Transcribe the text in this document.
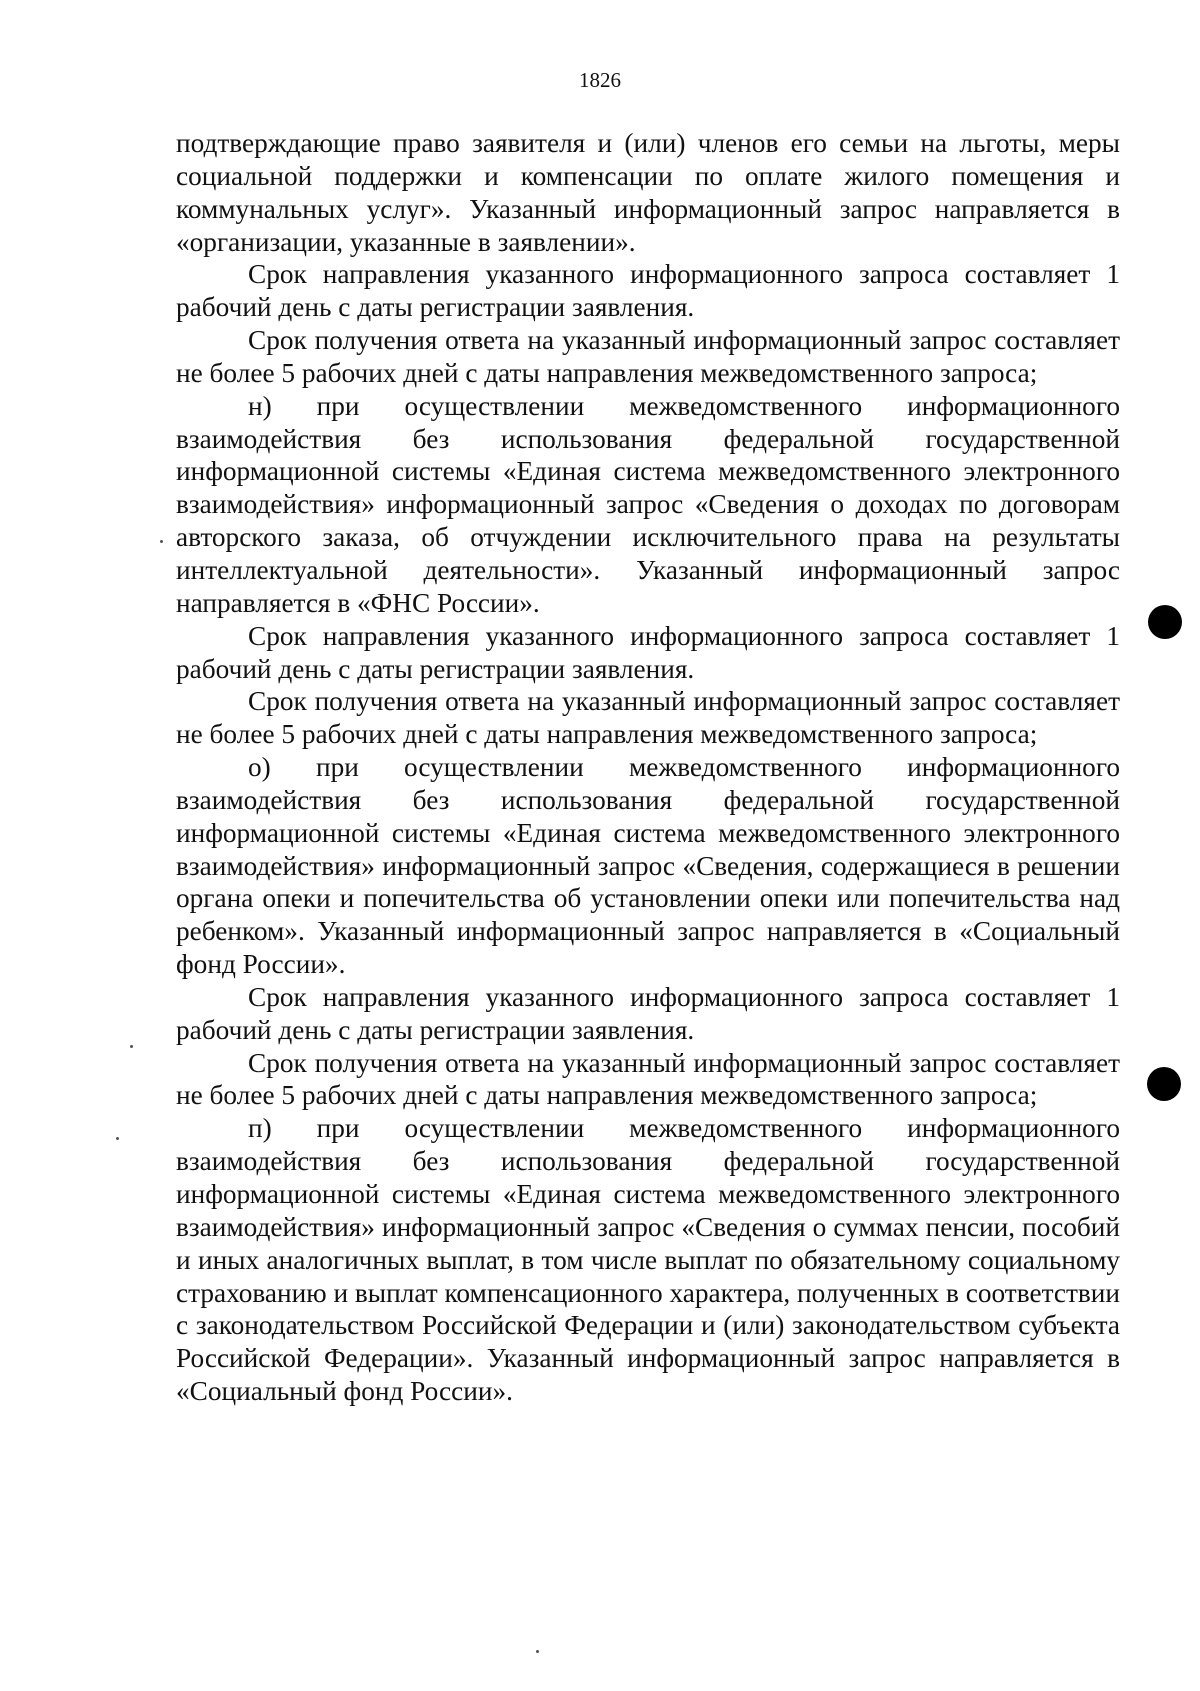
1826

подтверждающие право заявителя и (или) членов его семьи на льготы, меры социальной поддержки и компенсации по оплате жилого помещения и коммунальных услуг». Указанный информационный запрос направляется в «организации, указанные в заявлении».

Срок направления указанного информационного запроса составляет 1 рабочий день с даты регистрации заявления.

Срок получения ответа на указанный информационный запрос составляет не более 5 рабочих дней с даты направления межведомственного запроса;

н) при осуществлении межведомственного информационного взаимодействия без использования федеральной государственной информационной системы «Единая система межведомственного электронного взаимодействия» информационный запрос «Сведения о доходах по договорам авторского заказа, об отчуждении исключительного права на результаты интеллектуальной деятельности». Указанный информационный запрос направляется в «ФНС России».

Срок направления указанного информационного запроса составляет 1 рабочий день с даты регистрации заявления.

Срок получения ответа на указанный информационный запрос составляет не более 5 рабочих дней с даты направления межведомственного запроса;

о) при осуществлении межведомственного информационного взаимодействия без использования федеральной государственной информационной системы «Единая система межведомственного электронного взаимодействия» информационный запрос «Сведения, содержащиеся в решении органа опеки и попечительства об установлении опеки или попечительства над ребенком». Указанный информационный запрос направляется в «Социальный фонд России».

Срок направления указанного информационного запроса составляет 1 рабочий день с даты регистрации заявления.

Срок получения ответа на указанный информационный запрос составляет не более 5 рабочих дней с даты направления межведомственного запроса;

п) при осуществлении межведомственного информационного взаимодействия без использования федеральной государственной информационной системы «Единая система межведомственного электронного взаимодействия» информационный запрос «Сведения о суммах пенсии, пособий и иных аналогичных выплат, в том числе выплат по обязательному социальному страхованию и выплат компенсационного характера, полученных в соответствии с законодательством Российской Федерации и (или) законодательством субъекта Российской Федерации». Указанный информационный запрос направляется в «Социальный фонд России».
